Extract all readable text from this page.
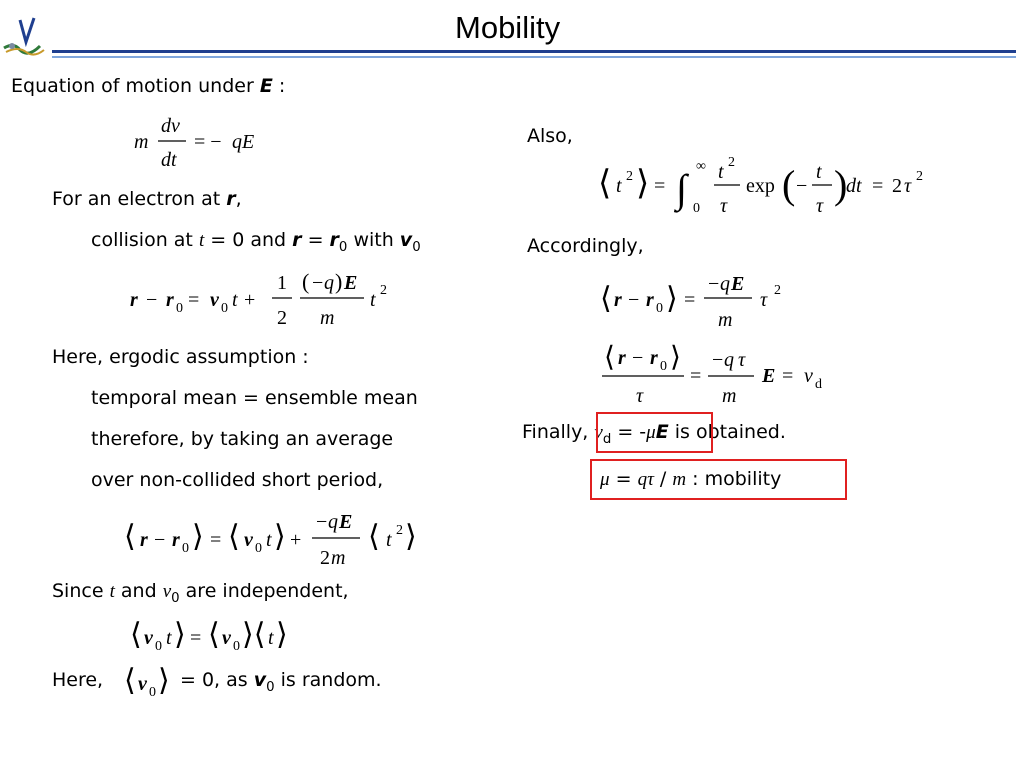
Mobility
Equation of motion under E :
m
dv
dt
= − qE
For an electron at r,
collision at t = 0 and $r = r_0$ with $v_0$
r − r 0 = v 0 t +
1
2
( − q ) E
m
t 2
Here, ergodic assumption :
temporal mean = ensemble mean
therefore, by taking an average
over non-collided short period,
⟨ r − r 0 ⟩ = ⟨ v 0 t ⟩ +
− q E
2 m
⟨ t 2 ⟩
Since t and $v_0$ are independent,
⟨ v 0 t ⟩ = ⟨ v 0 ⟩⟨ t ⟩
Here, ⟨ v 0 ⟩ = 0, as $v_0$ is random.
Also,
⟨ t 2 ⟩ = ∫ ∞
0
t 2
τ
exp ( −
t
τ )
dt = 2 τ 2
Accordingly,
⟨ r − r 0 ⟩ =
− q E
m
τ 2
⟨ r − r 0 ⟩
τ
=
− q τ
m
E = v d
Finally, $v_d = -\mu E$ is obtained.
μ = qτ / m : mobility
